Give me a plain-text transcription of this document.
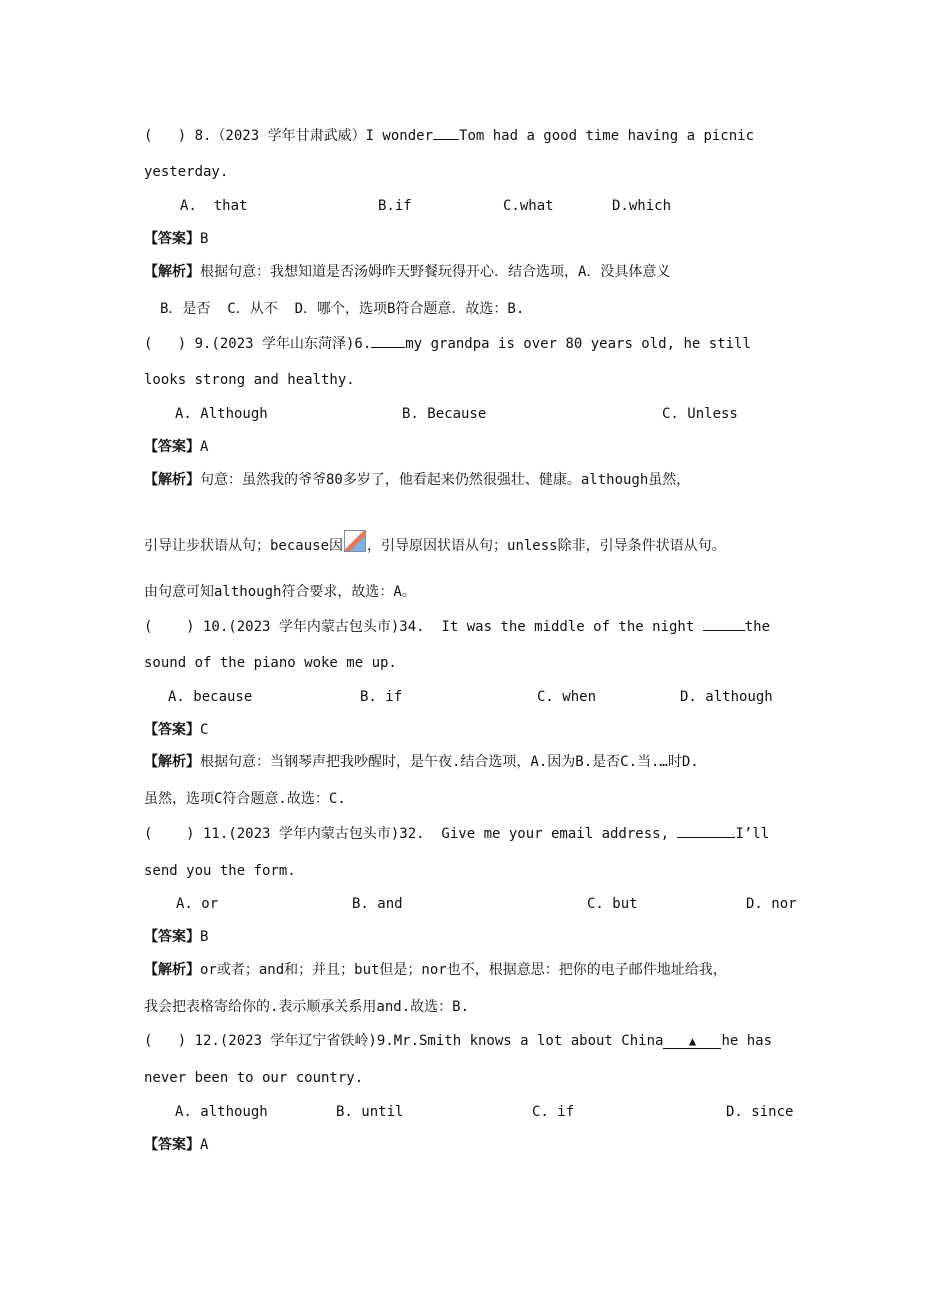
(   ) 8.（2023 学年甘肃武威）I wonder Tom had a good time having a picnic
yesterday.
A.  that	B.if	C.what	D.which
【答案】B
【解析】根据句意：我想知道是否汤姆昨天野餐玩得开心．结合选项，A．没具体意义
B．是否  C．从不  D．哪个，选项B符合题意．故选：B.
(   ) 9.(2023 学年山东菏泽)6. my grandpa is over 80 years old, he still
looks strong and healthy.
A. Although	B. Because	C. Unless
【答案】A
【解析】句意：虽然我的爷爷80多岁了，他看起来仍然很强壮、健康。although虽然，
引导让步状语从句；because因 ，引导原因状语从句；unless除非，引导条件状语从句。
由句意可知although符合要求，故选：A。
(    ) 10.(2023 学年内蒙古包头市)34.  It was the middle of the night	the
sound of the piano woke me up.
A. because	B. if	C. when	D. although
【答案】C
【解析】根据句意：当钢琴声把我吵醒时，是午夜.结合选项，A.因为B.是否C.当.…时D.
虽然，选项C符合题意.故选：C.
(    ) 11.(2023 学年内蒙古包头市)32.  Give me your email address,	I’ll
send you the form.
A. or	B. and	C. but	D. nor
【答案】B
【解析】or或者；and和；并且；but但是；nor也不，根据意思：把你的电子邮件地址给我，
我会把表格寄给你的.表示顺承关系用and.故选：B.
(   ) 12.(2023 学年辽宁省铁岭)9.Mr.Smith knows a lot about China ▲ he has
never been to our country.
A. although	B. until	C. if	D. since
【答案】A
